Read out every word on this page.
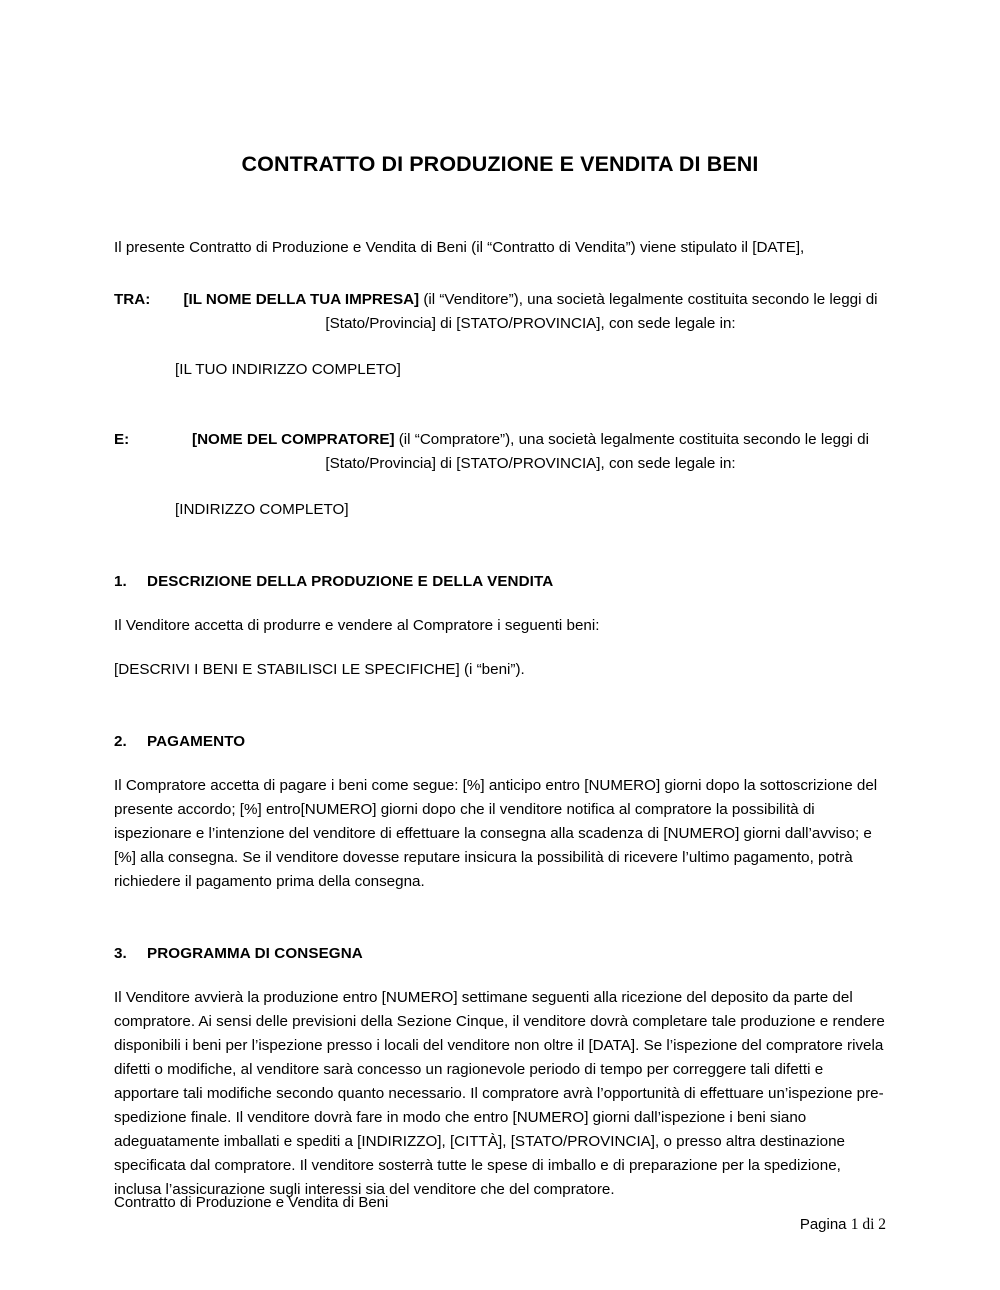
CONTRATTO DI PRODUZIONE E VENDITA DI BENI

Il presente Contratto di Produzione e Vendita di Beni (il “Contratto di Vendita”) viene stipulato il [DATE],

TRA:	[IL NOME DELLA TUA IMPRESA] (il “Venditore”), una società legalmente costituita secondo le leggi di [Stato/Provincia] di [STATO/PROVINCIA], con sede legale in:
[IL TUO INDIRIZZO COMPLETO]
E:	[NOME DEL COMPRATORE] (il “Compratore”), una società legalmente costituita secondo le leggi di [Stato/Provincia] di [STATO/PROVINCIA], con sede legale in:
[INDIRIZZO COMPLETO]
1.	DESCRIZIONE DELLA PRODUZIONE E DELLA VENDITA

Il Venditore accetta di produrre e vendere al Compratore i seguenti beni:

[DESCRIVI I BENI E STABILISCI LE SPECIFICHE] (i “beni”).

2.	PAGAMENTO

Il Compratore accetta di pagare i beni come segue: [%] anticipo entro [NUMERO] giorni dopo la sottoscrizione del presente accordo; [%] entro[NUMERO] giorni dopo che il venditore notifica al compratore la possibilità di ispezionare e l’intenzione del venditore di effettuare la consegna alla scadenza di [NUMERO] giorni dall’avviso; e [%] alla consegna. Se il venditore dovesse reputare insicura la possibilità di ricevere l’ultimo pagamento, potrà richiedere il pagamento prima della consegna.

3.	PROGRAMMA DI CONSEGNA

Il Venditore avvierà la produzione entro [NUMERO] settimane seguenti alla ricezione del deposito da parte del compratore. Ai sensi delle previsioni della Sezione Cinque, il venditore dovrà completare tale produzione e rendere disponibili i beni per l’ispezione presso i locali del venditore non oltre il [DATA]. Se l’ispezione del compratore rivela difetti o modifiche, al venditore sarà concesso un ragionevole periodo di tempo per correggere tali difetti e apportare tali modifiche secondo quanto necessario. Il compratore avrà l’opportunità di effettuare un’ispezione pre-spedizione finale. Il venditore dovrà fare in modo che entro [NUMERO] giorni dall’ispezione i beni siano adeguatamente imballati e spediti a [INDIRIZZO], [CITTÀ], [STATO/PROVINCIA], o presso altra destinazione specificata dal compratore. Il venditore sosterrà tutte le spese di imballo e di preparazione per la spedizione, inclusa l’assicurazione sugli interessi sia del venditore che del compratore.

Contratto di Produzione e Vendita di Beni

Pagina 1 di 2
